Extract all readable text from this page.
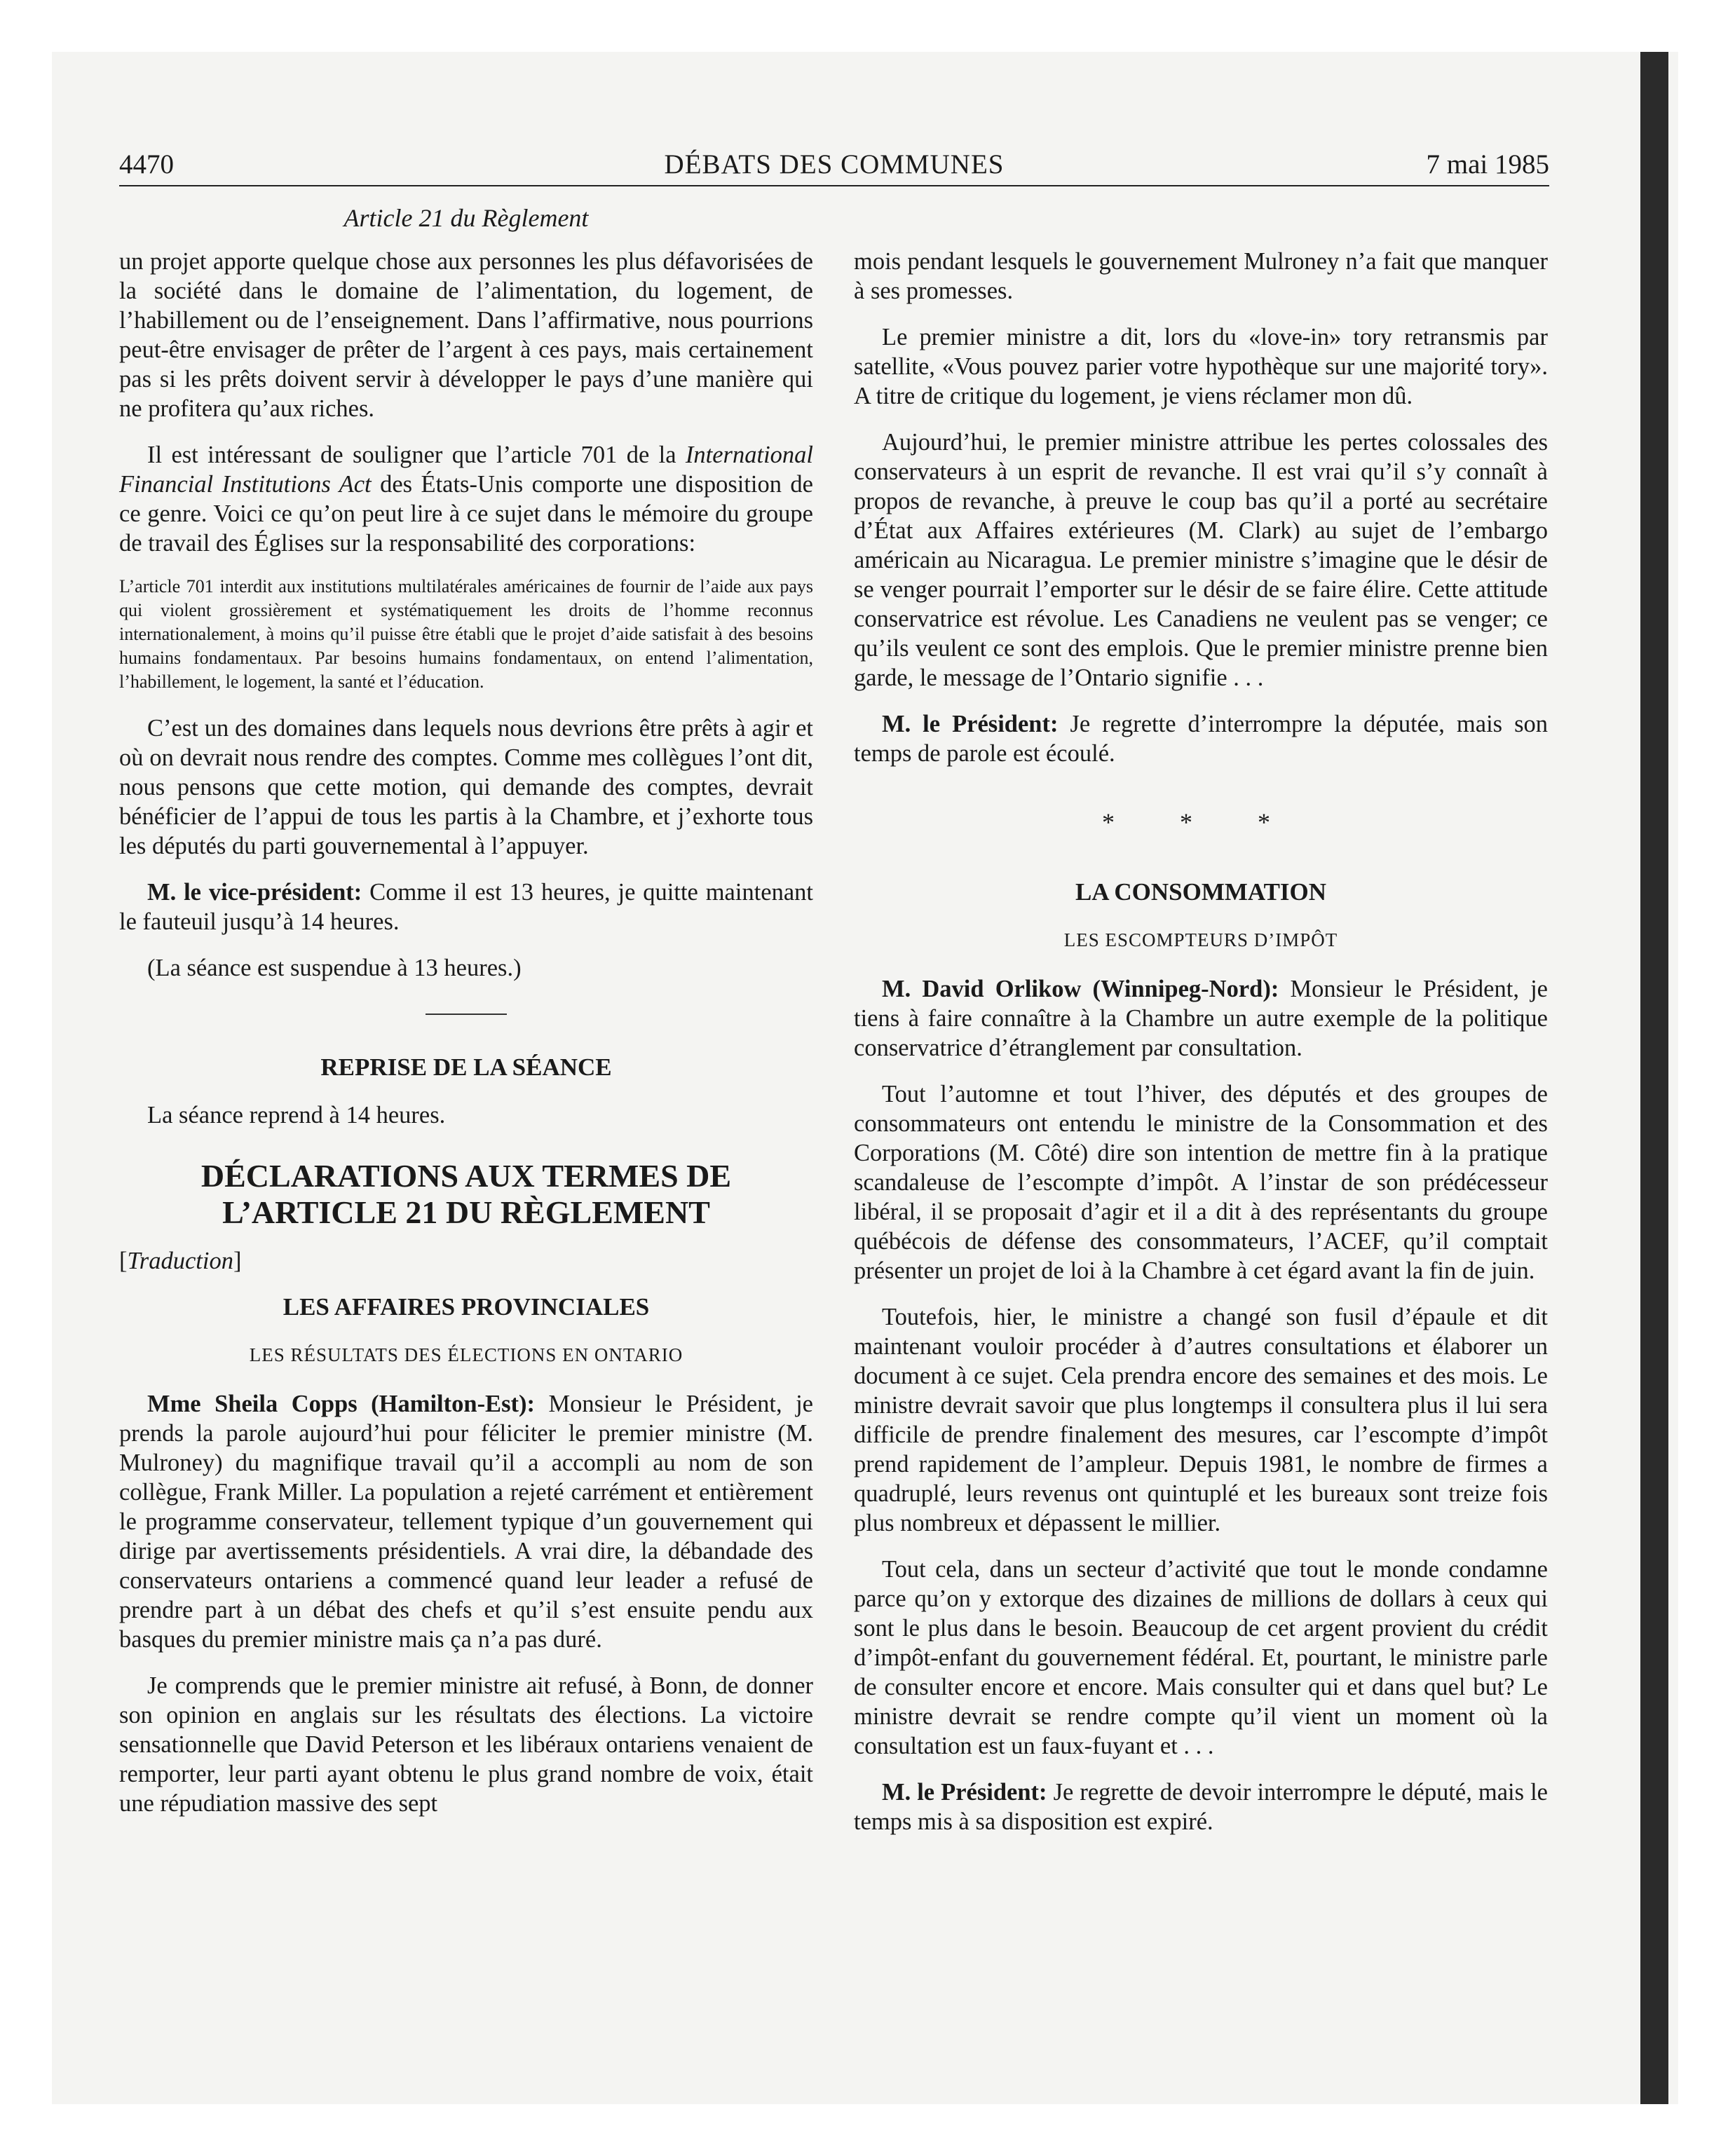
4470	DÉBATS DES COMMUNES	7 mai 1985
Article 21 du Règlement

un projet apporte quelque chose aux personnes les plus défavorisées de la société dans le domaine de l’alimentation, du logement, de l’habillement ou de l’enseignement. Dans l’affirmative, nous pourrions peut-être envisager de prêter de l’argent à ces pays, mais certainement pas si les prêts doivent servir à développer le pays d’une manière qui ne profitera qu’aux riches.

Il est intéressant de souligner que l’article 701 de la International Financial Institutions Act des États-Unis comporte une disposition de ce genre. Voici ce qu’on peut lire à ce sujet dans le mémoire du groupe de travail des Églises sur la responsabilité des corporations:

L’article 701 interdit aux institutions multilatérales américaines de fournir de l’aide aux pays qui violent grossièrement et systématiquement les droits de l’homme reconnus internationalement, à moins qu’il puisse être établi que le projet d’aide satisfait à des besoins humains fondamentaux. Par besoins humains fondamentaux, on entend l’alimentation, l’habillement, le logement, la santé et l’éducation.

C’est un des domaines dans lequels nous devrions être prêts à agir et où on devrait nous rendre des comptes. Comme mes collègues l’ont dit, nous pensons que cette motion, qui demande des comptes, devrait bénéficier de l’appui de tous les partis à la Chambre, et j’exhorte tous les députés du parti gouvernemental à l’appuyer.

M. le vice-président: Comme il est 13 heures, je quitte maintenant le fauteuil jusqu’à 14 heures.

(La séance est suspendue à 13 heures.)

REPRISE DE LA SÉANCE

La séance reprend à 14 heures.

DÉCLARATIONS AUX TERMES DE
L’ARTICLE 21 DU RÈGLEMENT

[Traduction]

LES AFFAIRES PROVINCIALES
LES RÉSULTATS DES ÉLECTIONS EN ONTARIO

Mme Sheila Copps (Hamilton-Est): Monsieur le Président, je prends la parole aujourd’hui pour féliciter le premier ministre (M. Mulroney) du magnifique travail qu’il a accompli au nom de son collègue, Frank Miller. La population a rejeté carrément et entièrement le programme conservateur, tellement typique d’un gouvernement qui dirige par avertissements présidentiels. A vrai dire, la débandade des conservateurs ontariens a commencé quand leur leader a refusé de prendre part à un débat des chefs et qu’il s’est ensuite pendu aux basques du premier ministre mais ça n’a pas duré.

Je comprends que le premier ministre ait refusé, à Bonn, de donner son opinion en anglais sur les résultats des élections. La victoire sensationnelle que David Peterson et les libéraux ontariens venaient de remporter, leur parti ayant obtenu le plus grand nombre de voix, était une répudiation massive des sept

mois pendant lesquels le gouvernement Mulroney n’a fait que manquer à ses promesses.

Le premier ministre a dit, lors du «love-in» tory retransmis par satellite, «Vous pouvez parier votre hypothèque sur une majorité tory». A titre de critique du logement, je viens réclamer mon dû.

Aujourd’hui, le premier ministre attribue les pertes colossales des conservateurs à un esprit de revanche. Il est vrai qu’il s’y connaît à propos de revanche, à preuve le coup bas qu’il a porté au secrétaire d’État aux Affaires extérieures (M. Clark) au sujet de l’embargo américain au Nicaragua. Le premier ministre s’imagine que le désir de se venger pourrait l’emporter sur le désir de se faire élire. Cette attitude conservatrice est révolue. Les Canadiens ne veulent pas se venger; ce qu’ils veulent ce sont des emplois. Que le premier ministre prenne bien garde, le message de l’Ontario signifie . . .

M. le Président: Je regrette d’interrompre la députée, mais son temps de parole est écoulé.

* * *
LA CONSOMMATION
LES ESCOMPTEURS D’IMPÔT

M. David Orlikow (Winnipeg-Nord): Monsieur le Président, je tiens à faire connaître à la Chambre un autre exemple de la politique conservatrice d’étranglement par consultation.

Tout l’automne et tout l’hiver, des députés et des groupes de consommateurs ont entendu le ministre de la Consommation et des Corporations (M. Côté) dire son intention de mettre fin à la pratique scandaleuse de l’escompte d’impôt. A l’instar de son prédécesseur libéral, il se proposait d’agir et il a dit à des représentants du groupe québécois de défense des consommateurs, l’ACEF, qu’il comptait présenter un projet de loi à la Chambre à cet égard avant la fin de juin.

Toutefois, hier, le ministre a changé son fusil d’épaule et dit maintenant vouloir procéder à d’autres consultations et élaborer un document à ce sujet. Cela prendra encore des semaines et des mois. Le ministre devrait savoir que plus longtemps il consultera plus il lui sera difficile de prendre finalement des mesures, car l’escompte d’impôt prend rapidement de l’ampleur. Depuis 1981, le nombre de firmes a quadruplé, leurs revenus ont quintuplé et les bureaux sont treize fois plus nombreux et dépassent le millier.

Tout cela, dans un secteur d’activité que tout le monde condamne parce qu’on y extorque des dizaines de millions de dollars à ceux qui sont le plus dans le besoin. Beaucoup de cet argent provient du crédit d’impôt-enfant du gouvernement fédéral. Et, pourtant, le ministre parle de consulter encore et encore. Mais consulter qui et dans quel but? Le ministre devrait se rendre compte qu’il vient un moment où la consultation est un faux-fuyant et . . .

M. le Président: Je regrette de devoir interrompre le député, mais le temps mis à sa disposition est expiré.
